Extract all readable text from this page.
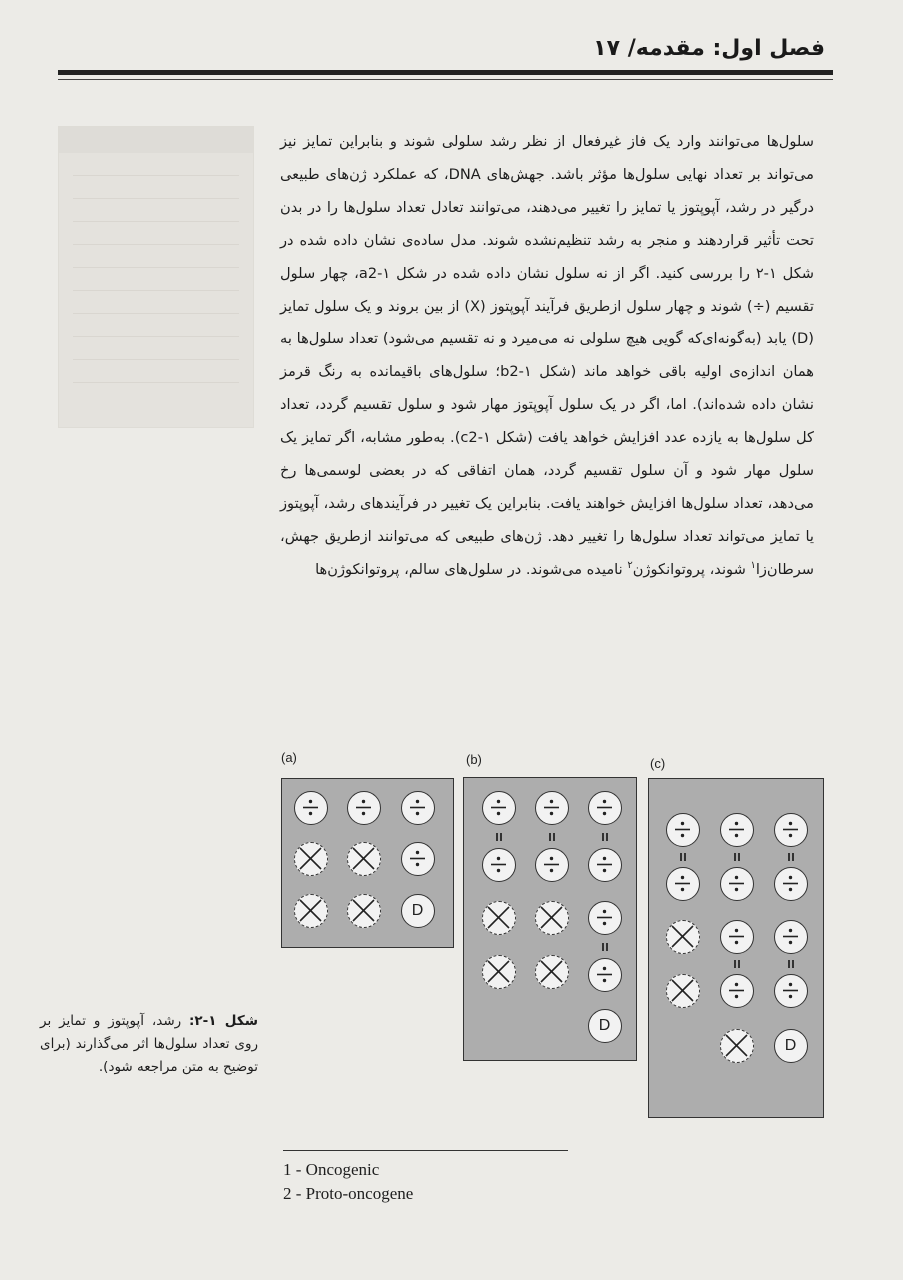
فصل اول: مقدمه/ ۱۷
سلول‌ها می‌توانند وارد یک فاز غیرفعال از نظر رشد سلولی شوند و بنابراین تمایز نیز می‌تواند بر تعداد نهایی سلول‌ها مؤثر باشد. جهش‌های DNA، که عملکرد ژن‌های طبیعی درگیر در رشد، آپوپتوز یا تمایز را تغییر می‌دهند، می‌توانند تعادل تعداد سلول‌ها را در بدن تحت تأثیر قراردهند و منجر به رشد تنظیم‌نشده شوند. مدل ساده‌ی نشان داده شده در شکل ۱-۲ را بررسی کنید. اگر از نه سلول نشان داده شده در شکل ۱-a2، چهار سلول تقسیم (÷) شوند و چهار سلول ازطریق فرآیند آپوپتوز (X) از بین بروند و یک سلول تمایز (D) یابد (به‌گونه‌ای‌که گویی هیچ سلولی نه می‌میرد و نه تقسیم می‌شود) تعداد سلول‌ها به همان اندازه‌ی اولیه باقی خواهد ماند (شکل ۱-b2؛ سلول‌های باقیمانده به رنگ قرمز نشان داده شده‌اند). اما، اگر در یک سلول آپوپتوز مهار شود و سلول تقسیم گردد، تعداد کل سلول‌ها به یازده عدد افزایش خواهد یافت (شکل ۱-c2). به‌طور مشابه، اگر تمایز یک سلول مهار شود و آن سلول تقسیم گردد، همان اتفاقی که در بعضی لوسمی‌ها رخ می‌دهد، تعداد سلول‌ها افزایش خواهند یافت. بنابراین یک تغییر در فرآیندهای رشد، آپوپتوز یا تمایز می‌تواند تعداد سلول‌ها را تغییر دهد. ژن‌های طبیعی که می‌توانند ازطریق جهش، سرطان‌زا$^۱$ شوند، پروتوانکوژن$^۲$ نامیده می‌شوند. در سلول‌های سالم، پروتوانکوژن‌ها
(a)	(b)	(c)
D
D
D
شکل ۱-۲: رشد، آپوپتوز و تمایز بر روی تعداد سلول‌ها اثر می‌گذارند (برای توضیح به متن مراجعه شود).
1 - Oncogenic
2 - Proto-oncogene
